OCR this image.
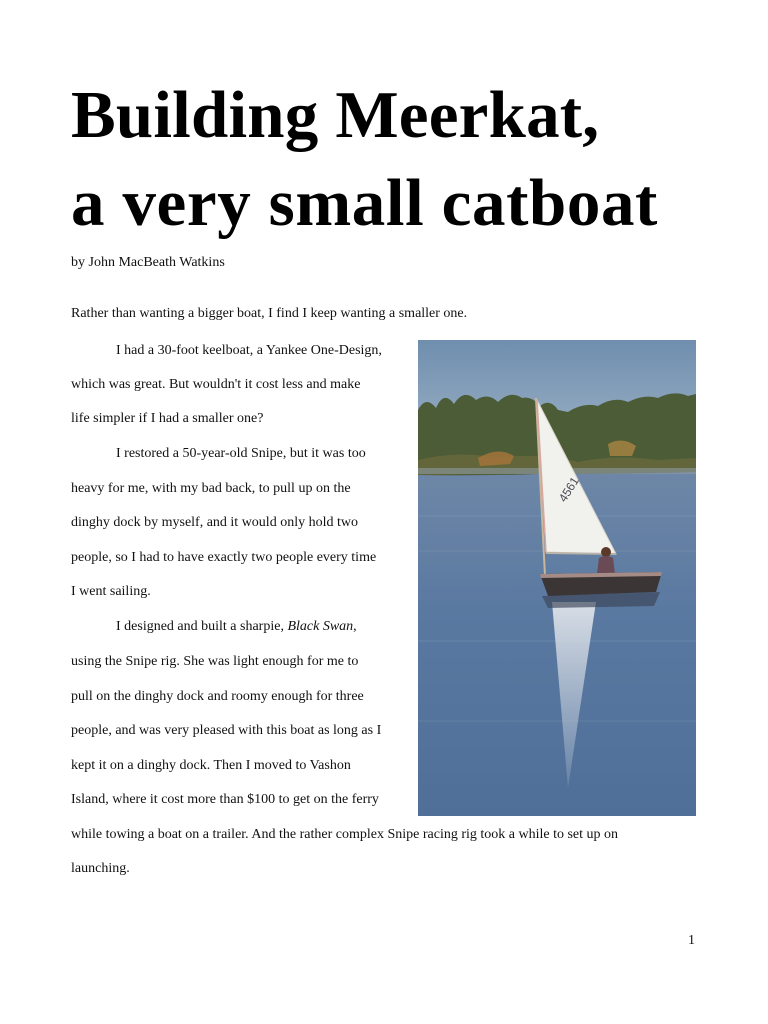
Building Meerkat,
a very small catboat

by John MacBeath Watkins

Rather than wanting a bigger boat, I find I keep wanting a smaller one.

I had a 30-foot keelboat, a Yankee One-Design,

which was great. But wouldn't it cost less and make

life simpler if I had a smaller one?

I restored a 50-year-old Snipe, but it was too

heavy for me, with my bad back, to pull up on the

dinghy dock by myself, and it would only hold two

people, so I had to have exactly two people every time

I went sailing.

I designed and built a sharpie, Black Swan,

using the Snipe rig. She was light enough for me to

pull on the dinghy dock and roomy enough for three

people, and was very pleased with this boat as long as I

kept it on a dinghy dock. Then I moved to Vashon

Island, where it cost more than $100 to get on the ferry

while towing a boat on a trailer. And the rather complex Snipe racing rig took a while to set up on

launching.

4561

1
